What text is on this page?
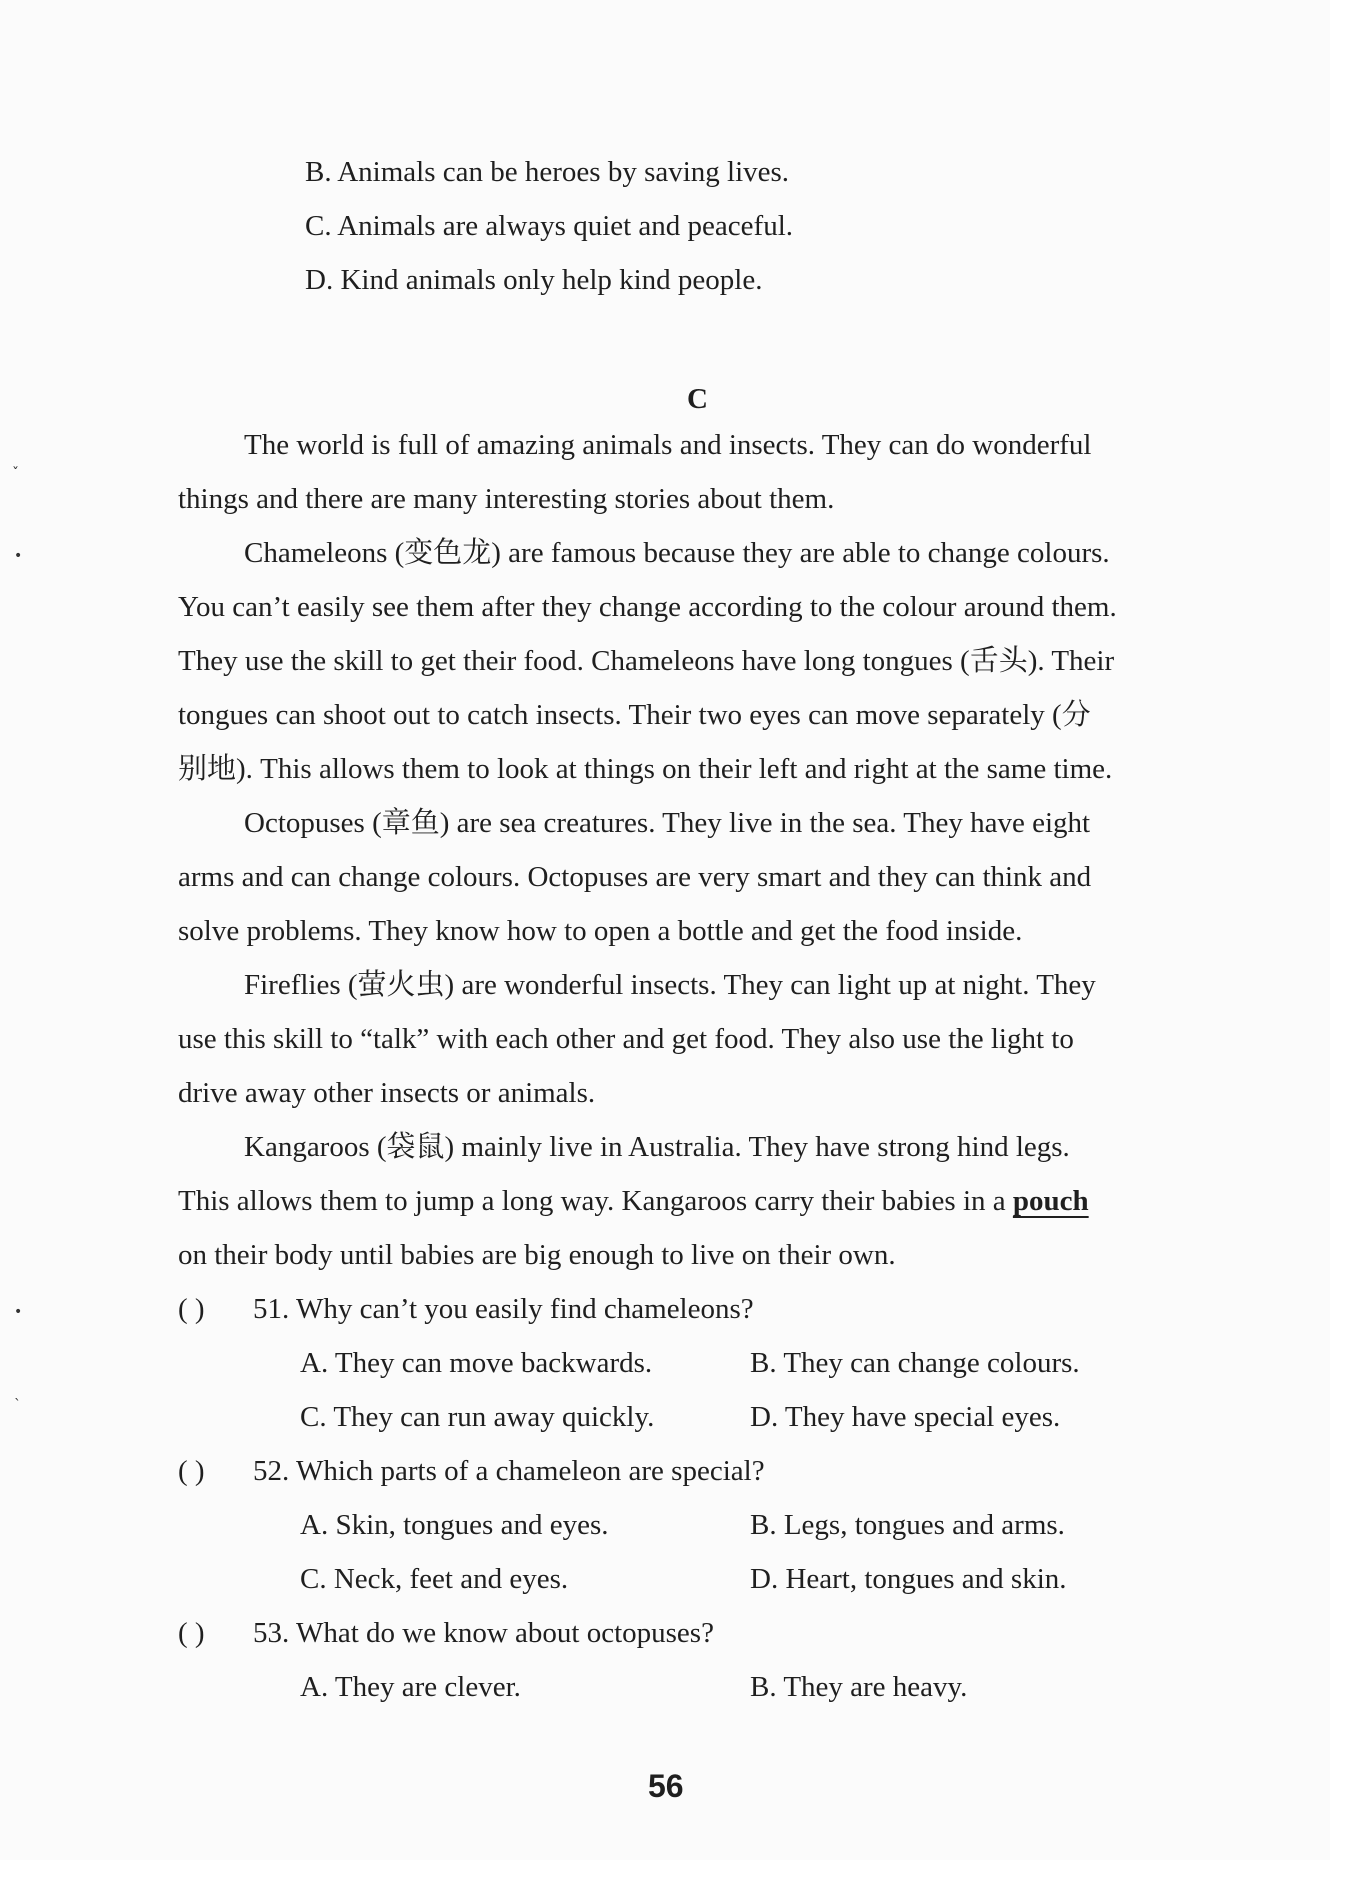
B. Animals can be heroes by saving lives.
C. Animals are always quiet and peaceful.
D. Kind animals only help kind people.
C
The world is full of amazing animals and insects. They can do wonderful
things and there are many interesting stories about them.
Chameleons (变色龙) are famous because they are able to change colours.
You can’t easily see them after they change according to the colour around them.
They use the skill to get their food. Chameleons have long tongues (舌头). Their
tongues can shoot out to catch insects. Their two eyes can move separately (分
别地). This allows them to look at things on their left and right at the same time.
Octopuses (章鱼) are sea creatures. They live in the sea. They have eight
arms and can change colours. Octopuses are very smart and they can think and
solve problems. They know how to open a bottle and get the food inside.
Fireflies (萤火虫) are wonderful insects. They can light up at night. They
use this skill to “talk” with each other and get food. They also use the light to
drive away other insects or animals.
Kangaroos (袋鼠) mainly live in Australia. They have strong hind legs.
This allows them to jump a long way. Kangaroos carry their babies in a pouch
on their body until babies are big enough to live on their own.
( ) 51. Why can’t you easily find chameleons?
A. They can move backwards.	B. They can change colours.
C. They can run away quickly.	D. They have special eyes.
( ) 52. Which parts of a chameleon are special?
A. Skin, tongues and eyes.	B. Legs, tongues and arms.
C. Neck, feet and eyes.	D. Heart, tongues and skin.
( ) 53. What do we know about octopuses?
A. They are clever.	B. They are heavy.
56
ˇ
•
•
ˎ
